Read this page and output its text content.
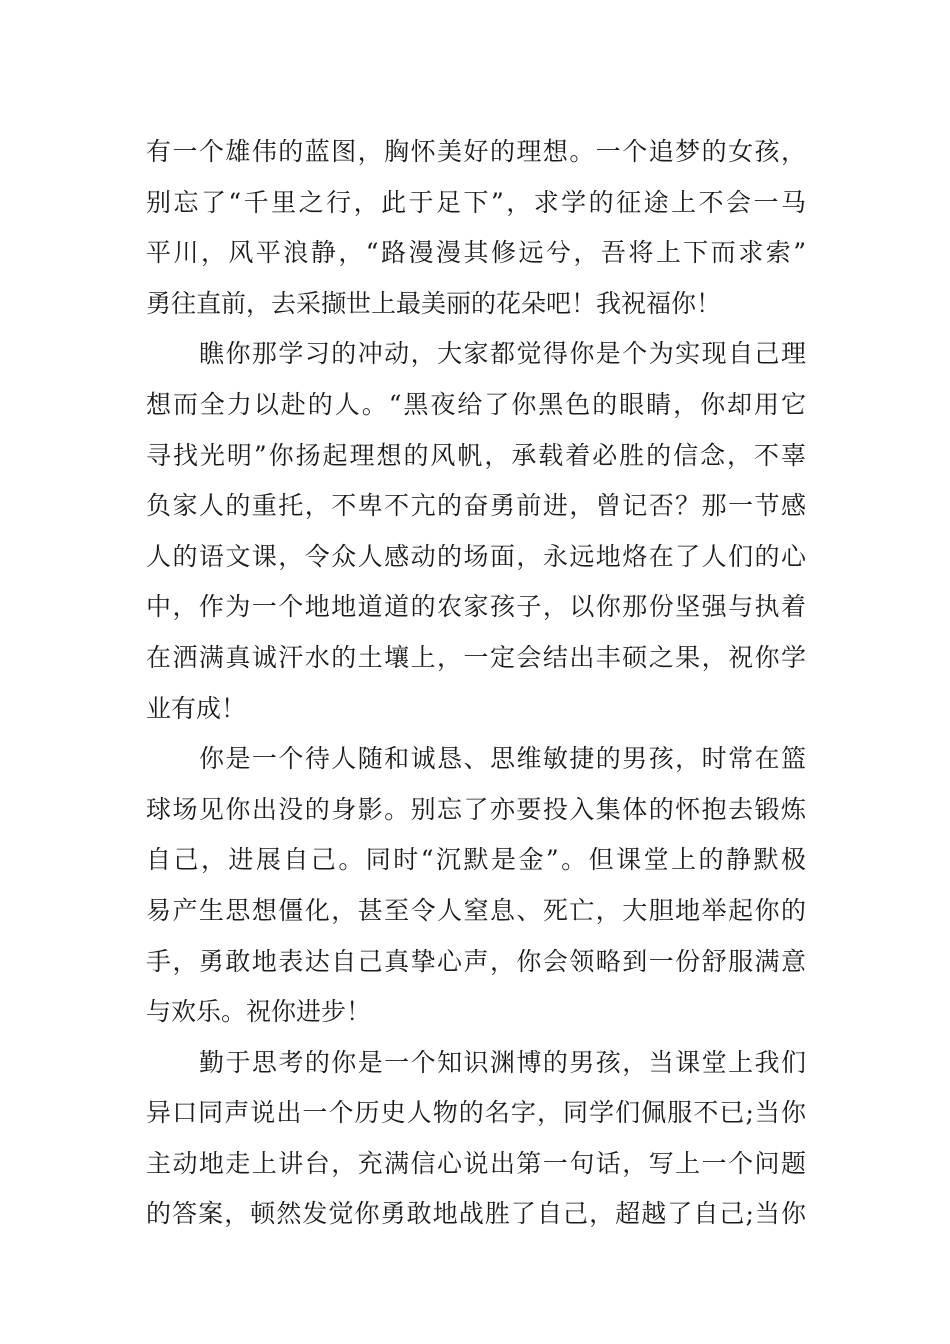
有一个雄伟的蓝图，胸怀美好的理想。一个追梦的女孩，
别忘了“千里之行，此于足下”，求学的征途上不会一马
平川，风平浪静，“路漫漫其修远兮，吾将上下而求索”
勇往直前，去采撷世上最美丽的花朵吧！我祝福你！
瞧你那学习的冲动，大家都觉得你是个为实现自己理
想而全力以赴的人。“黑夜给了你黑色的眼睛，你却用它
寻找光明”你扬起理想的风帆，承载着必胜的信念，不辜
负家人的重托，不卑不亢的奋勇前进，曾记否？那一节感
人的语文课，令众人感动的场面，永远地烙在了人们的心
中，作为一个地地道道的农家孩子，以你那份坚强与执着
在洒满真诚汗水的土壤上，一定会结出丰硕之果，祝你学
业有成！
你是一个待人随和诚恳、思维敏捷的男孩，时常在篮
球场见你出没的身影。别忘了亦要投入集体的怀抱去锻炼
自己，进展自己。同时“沉默是金”。但课堂上的静默极
易产生思想僵化，甚至令人窒息、死亡，大胆地举起你的
手，勇敢地表达自己真挚心声，你会领略到一份舒服满意
与欢乐。祝你进步！
勤于思考的你是一个知识渊博的男孩，当课堂上我们
异口同声说出一个历史人物的名字，同学们佩服不已;当你
主动地走上讲台，充满信心说出第一句话，写上一个问题
的答案，顿然发觉你勇敢地战胜了自己，超越了自己;当你
